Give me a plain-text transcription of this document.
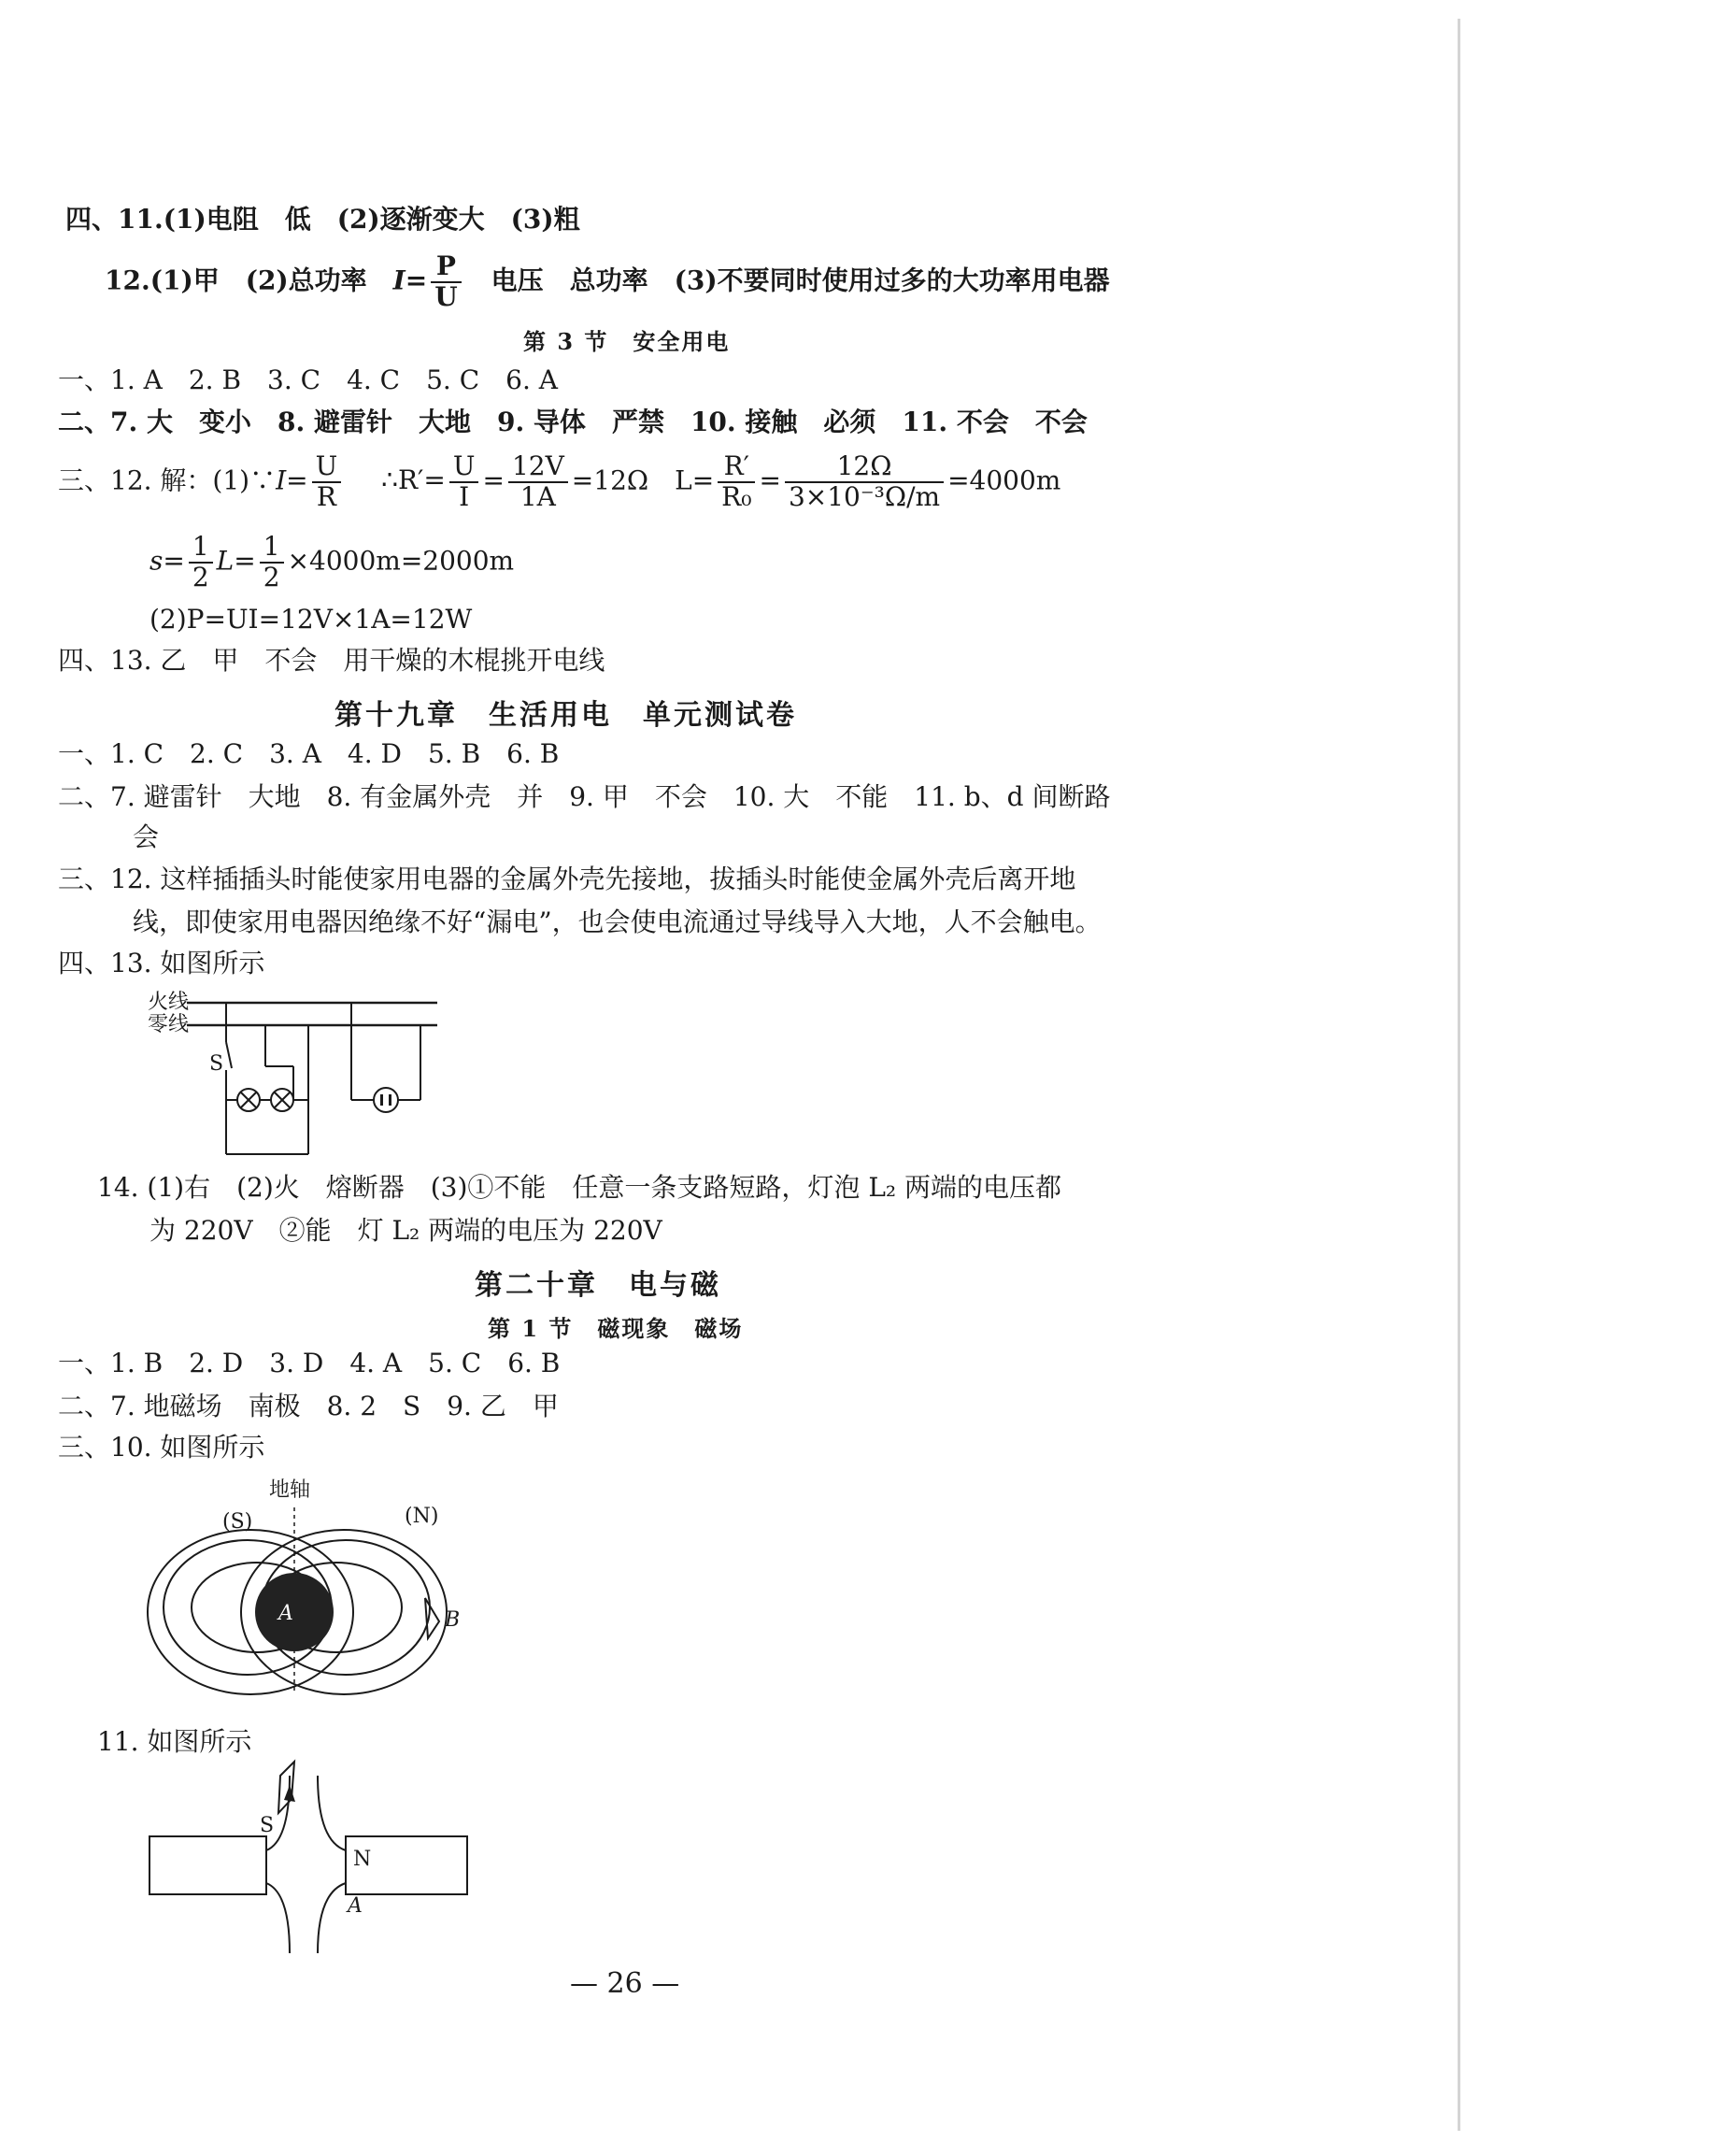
四、11.(1)电阻　低　(2)逐渐变大　(3)粗
12.(1)甲　(2)总功率　$I= \frac{P}{U}$ 　电压　总功率　(3)不要同时使用过多的大功率用电器
第 3 节　安全用电
一、1. A　2. B　3. C　4. C　5. C　6. A
二、7. 大　变小　8. 避雷针　大地　9. 导体　严禁　10. 接触　必须　11. 不会　不会
三、12. 解：(1)∵I= $\frac{U}{R}$ ∴R′= $\frac{U}{I} = \frac{12V}{1A} =12\Omega$　$L= \frac{R'}{\text{R₀}} = \frac{12\Omega}{\text{3×10⁻³Ω/m}} =4000m$
$s= \frac{1}{2} L= \frac{1}{2} \times 4000m=2000m$
(2)P=UI=12V×1A=12W
四、13. 乙　甲　不会　用干燥的木棍挑开电线
第十九章　生活用电　单元测试卷
一、1. C　2. C　3. A　4. D　5. B　6. B
二、7. 避雷针　大地　8. 有金属外壳　并　9. 甲　不会　10. 大　不能　11. b、d 间断路
会
三、12. 这样插插头时能使家用电器的金属外壳先接地，拔插头时能使金属外壳后离开地
线，即使家用电器因绝缘不好“漏电”，也会使电流通过导线导入大地，人不会触电。
四、13. 如图所示
火线
零线
S
14. (1)右　(2)火　熔断器　(3)①不能　任意一条支路短路，灯泡 L₂ 两端的电压都
为 220V　②能　灯 L₂ 两端的电压为 220V
第二十章　电与磁
第 1 节　磁现象　磁场
一、1. B　2. D　3. D　4. A　5. C　6. B
二、7. 地磁场　南极　8. 2　S　9. 乙　甲
三、10. 如图所示
地轴
(S)	(N)
A	B
11. 如图所示
S
N
A
— 26 —
